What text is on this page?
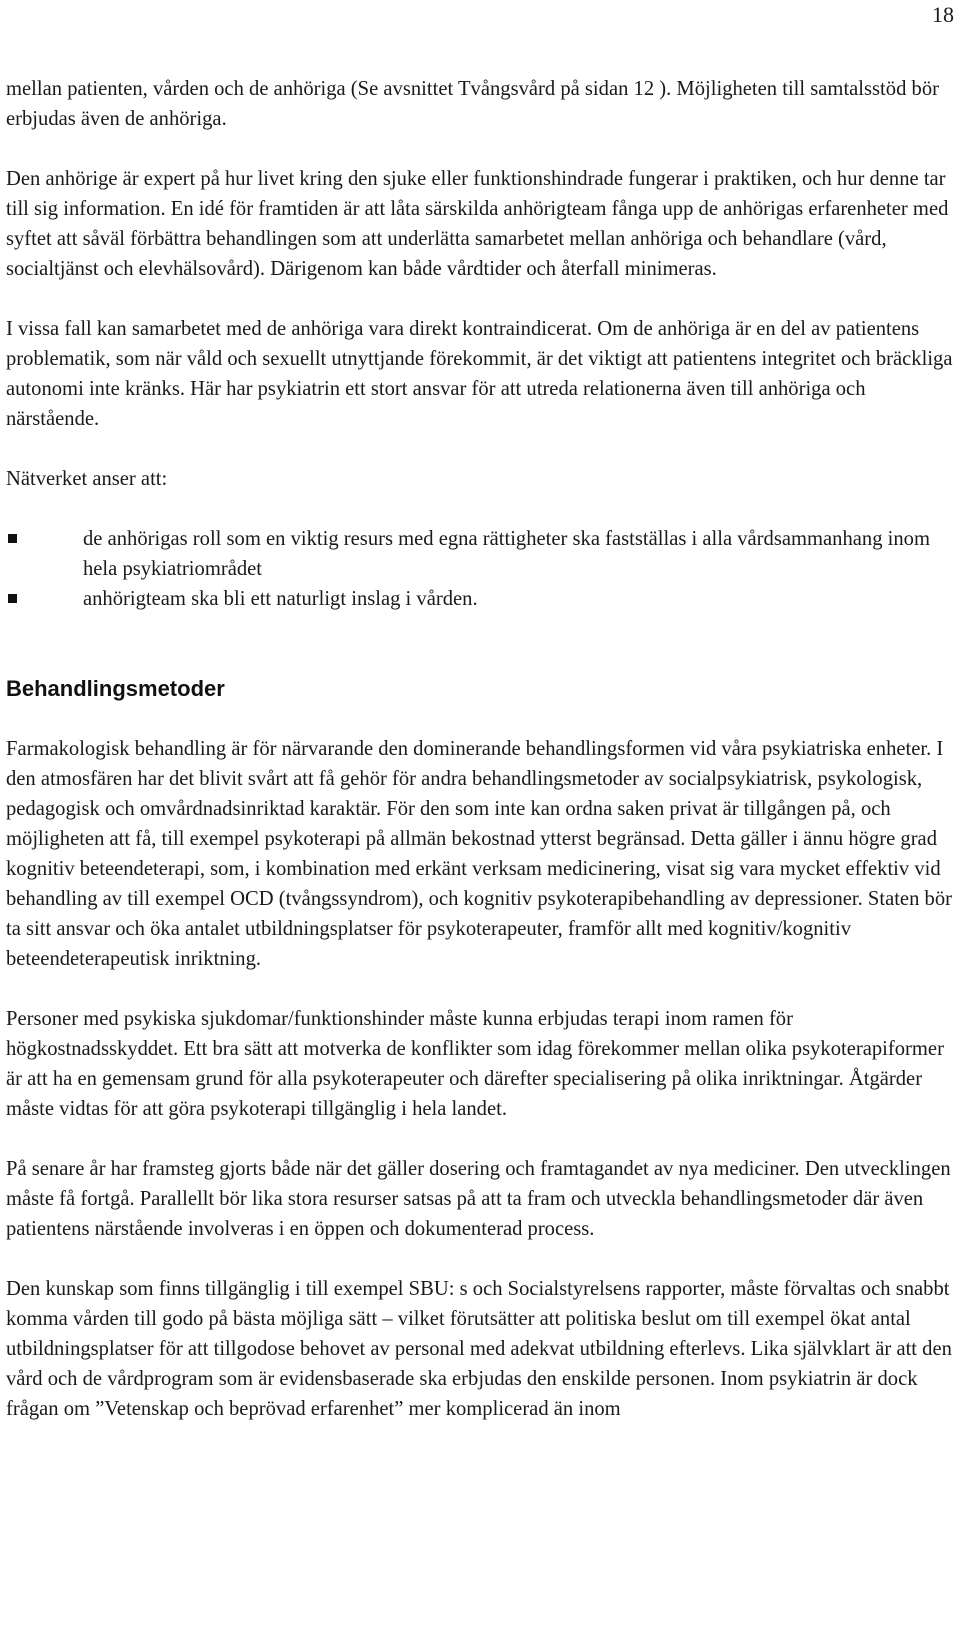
18

mellan patienten, vården och de anhöriga (Se avsnittet Tvångsvård på sidan 12 ). Möjligheten till samtalsstöd bör erbjudas även de anhöriga.

Den anhörige är expert på hur livet kring den sjuke eller funktionshindrade fungerar i praktiken, och hur denne tar till sig information. En idé för framtiden är att låta särskilda anhörigteam fånga upp de anhörigas erfarenheter med syftet att såväl förbättra behandlingen som att underlätta samarbetet mellan anhöriga och behandlare (vård, socialtjänst och elevhälsovård). Därigenom kan både vårdtider och återfall minimeras.

I vissa fall kan samarbetet med de anhöriga vara direkt kontraindicerat. Om de anhöriga är en del av patientens problematik, som när våld och sexuellt utnyttjande förekommit, är det viktigt att patientens integritet och bräckliga autonomi inte kränks. Här har psykiatrin ett stort ansvar för att utreda relationerna även till anhöriga och närstående.

Nätverket anser att:

de anhörigas roll som en viktig resurs med egna rättigheter ska fastställas i alla vårdsammanhang inom hela psykiatriområdet
anhörigteam ska bli ett naturligt inslag i vården.
Behandlingsmetoder

Farmakologisk behandling är för närvarande den dominerande behandlingsformen vid våra psykiatriska enheter. I den atmosfären har det blivit svårt att få gehör för andra behandlingsmetoder av socialpsykiatrisk, psykologisk, pedagogisk och omvårdnadsinriktad karaktär. För den som inte kan ordna saken privat är tillgången på, och möjligheten att få, till exempel psykoterapi på allmän bekostnad ytterst begränsad. Detta gäller i ännu högre grad kognitiv beteendeterapi, som, i kombination med erkänt verksam medicinering, visat sig vara mycket effektiv vid behandling av till exempel OCD (tvångssyndrom), och kognitiv psykoterapibehandling av depressioner. Staten bör ta sitt ansvar och öka antalet utbildningsplatser för psykoterapeuter, framför allt med kognitiv/kognitiv beteendeterapeutisk inriktning.

Personer med psykiska sjukdomar/funktionshinder måste kunna erbjudas terapi inom ramen för högkostnadsskyddet. Ett bra sätt att motverka de konflikter som idag förekommer mellan olika psykoterapiformer är att ha en gemensam grund för alla psykoterapeuter och därefter specialisering på olika inriktningar. Åtgärder måste vidtas för att göra psykoterapi tillgänglig i hela landet.

På senare år har framsteg gjorts både när det gäller dosering och framtagandet av nya mediciner. Den utvecklingen måste få fortgå. Parallellt bör lika stora resurser satsas på att ta fram och utveckla behandlingsmetoder där även patientens närstående involveras i en öppen och dokumenterad process.

Den kunskap som finns tillgänglig i till exempel SBU: s och Socialstyrelsens rapporter, måste förvaltas och snabbt komma vården till godo på bästa möjliga sätt – vilket förutsätter att politiska beslut om till exempel ökat antal utbildningsplatser för att tillgodose behovet av personal med adekvat utbildning efterlevs. Lika självklart är att den vård och de vårdprogram som är evidensbaserade ska erbjudas den enskilde personen. Inom psykiatrin är dock frågan om ”Vetenskap och beprövad erfarenhet” mer komplicerad än inom
